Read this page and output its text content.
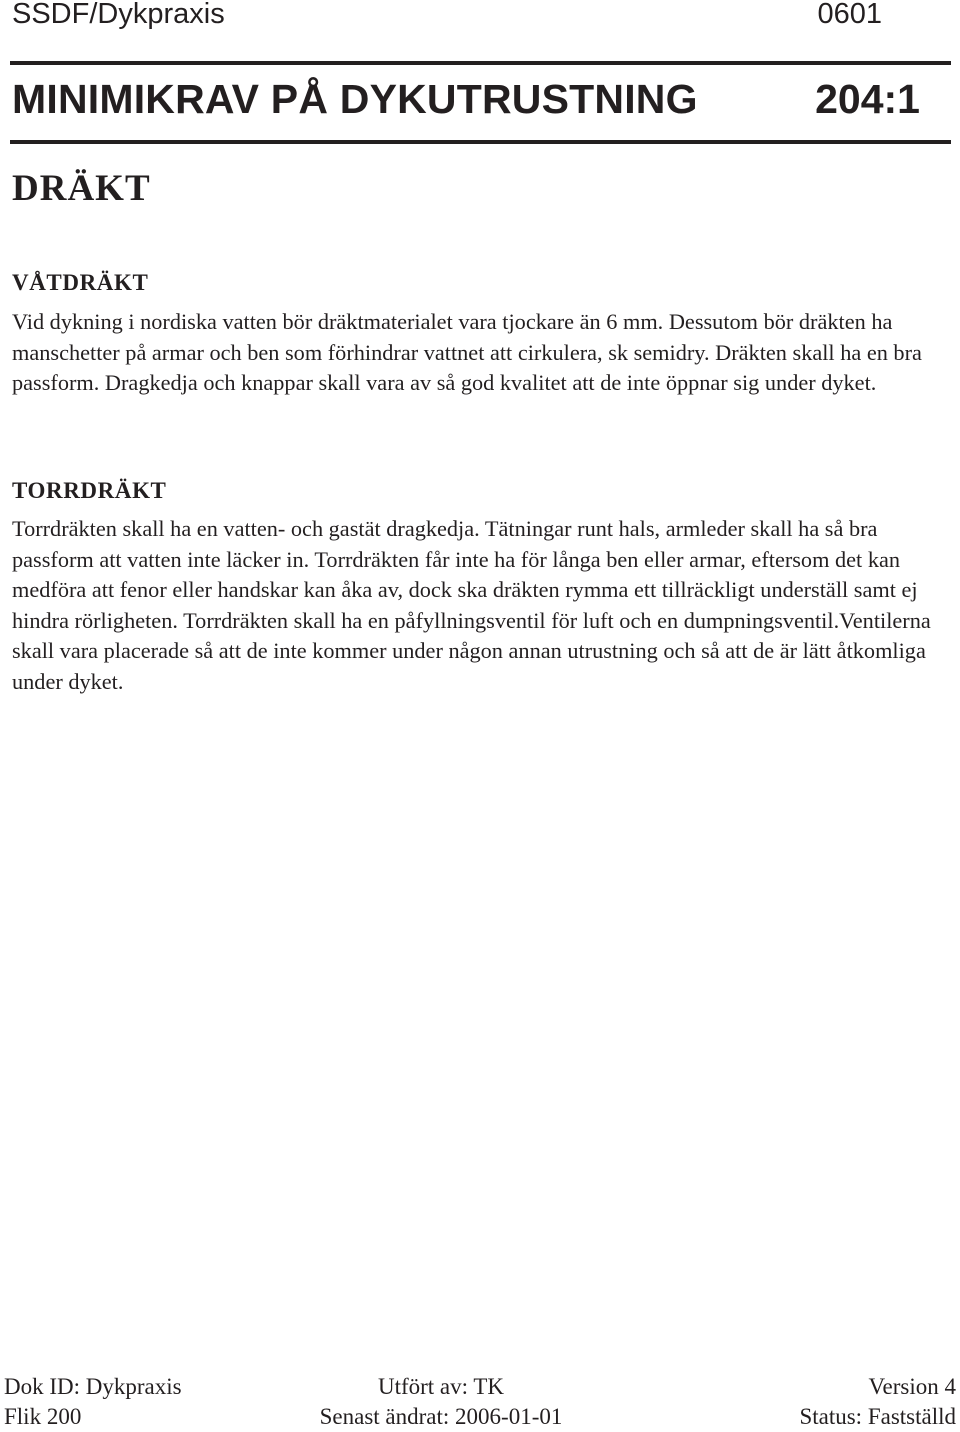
SSDF/Dykpraxis	0601
MINIMIKRAV PÅ DYKUTRUSTNING	204:1
DRÄKT
VÅTDRÄKT

Vid dykning i nordiska vatten bör dräktmaterialet vara tjockare än 6 mm. Dessutom bör dräkten ha manschetter på armar och ben som förhindrar vattnet att cirkulera, sk semidry. Dräkten skall ha en bra passform. Dragkedja och knappar skall vara av så god kvalitet att de inte öppnar sig under dyket.

TORRDRÄKT

Torrdräkten skall ha en vatten- och gastät dragkedja. Tätningar runt hals, armleder skall ha så bra passform att vatten inte läcker in. Torrdräkten får inte ha för långa ben eller armar, eftersom det kan medföra att fenor eller handskar kan åka av, dock ska dräkten rymma ett tillräckligt underställ samt ej hindra rörligheten. Torrdräkten skall ha en påfyllningsventil för luft och en dumpningsventil.Ventilerna skall vara placerade så att de inte kommer under någon annan utrustning och så att de är lätt åtkomliga under dyket.

Dok ID: Dykpraxis	Utfört av: TK	Version 4
Flik 200	Senast ändrat: 2006-01-01	Status: Fastställd
